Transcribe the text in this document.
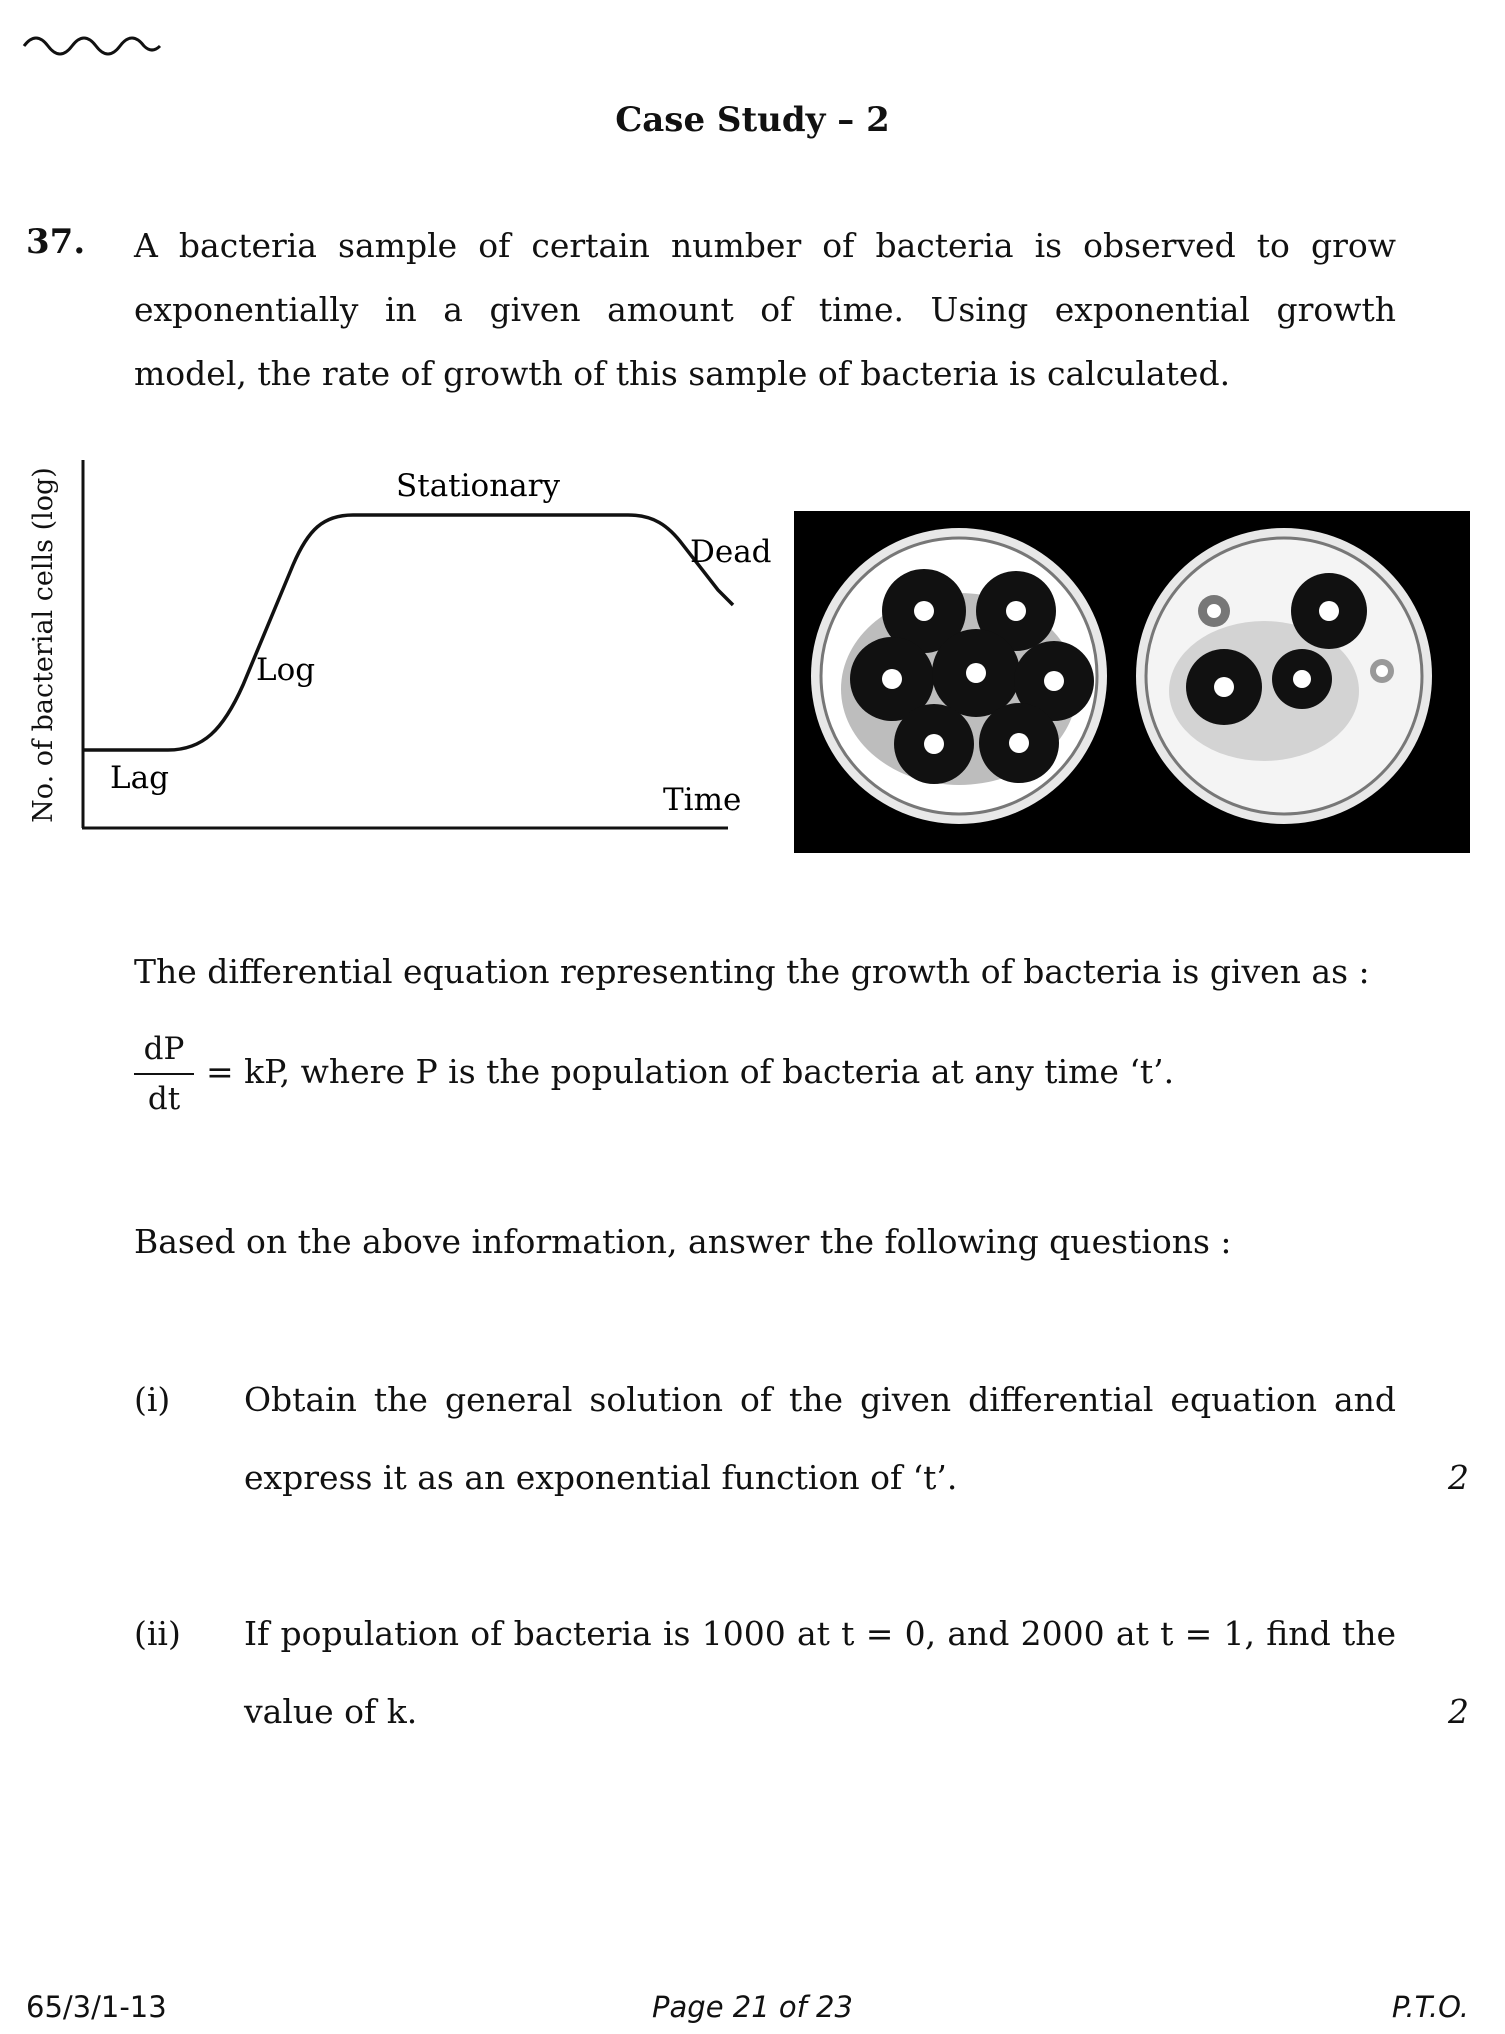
Case Study – 2
37. A bacteria sample of certain number of bacteria is observed to grow
exponentially in a given amount of time. Using exponential growth
model, the rate of growth of this sample of bacteria is calculated.
No. of bacterial cells (log) Lag
Log
Stationary
Dead
Time
The differential equation representing the growth of bacteria is given as :
dP
dt
= kP, where P is the population of bacteria at any time ‘t’.
Based on the above information, answer the following questions :
(i) Obtain the general solution of the given differential equation and
express it as an exponential function of ‘t’.	2
(ii) If population of bacteria is 1000 at t = 0, and 2000 at t = 1, find the
value of k.	2
65/3/1-13	Page 21 of 23	P.T.O.
